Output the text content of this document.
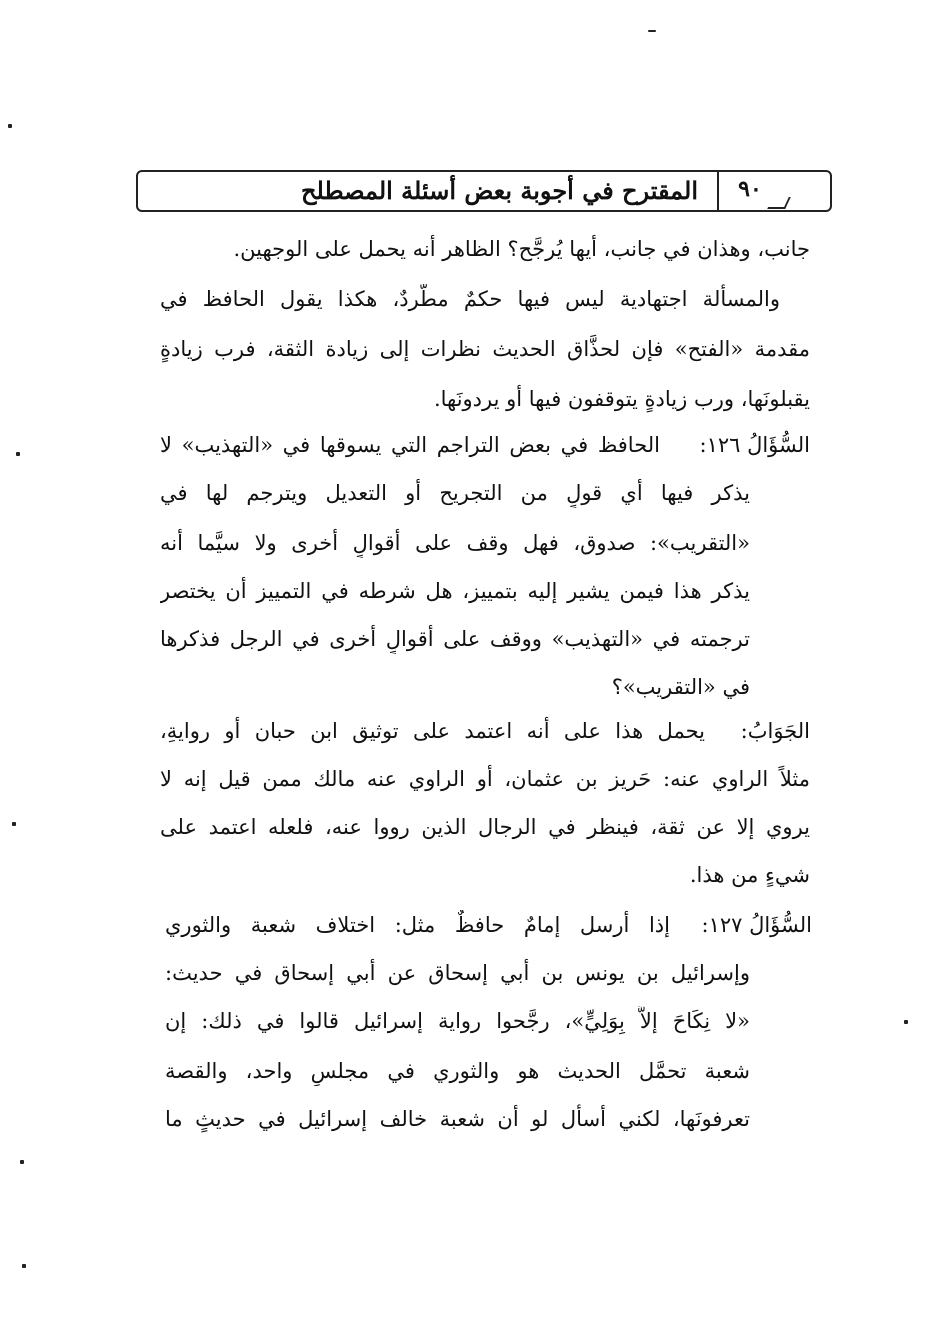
٩٠
المقترح في أجوبة بعض أسئلة المصطلح
جانب، وهذان في جانب، أيها يُرجَّح؟ الظاهر أنه يحمل على الوجهين.
والمسألة اجتهادية ليس فيها حكمٌ مطَّردٌ، هكذا يقول الحافظ في
مقدمة «الفتح» فإن لحذَّاق الحديث نظرات إلى زيادة الثقة، فرب زيادةٍ
يقبلونَها، ورب زيادةٍ يتوقفون فيها أو يردونَها.
السُّؤَالُ ١٢٦:
الحافظ في بعض التراجم التي يسوقها في «التهذيب» لا
يذكر فيها أي قولٍ من التجريح أو التعديل ويترجم لها في
«التقريب»: صدوق، فهل وقف على أقوالٍ أخرى ولا سيَّما أنه
يذكر هذا فيمن يشير إليه بتمييز، هل شرطه في التمييز أن يختصر
ترجمته في «التهذيب» ووقف على أقوالٍ أخرى في الرجل فذكرها
في «التقريب»؟
الجَوَابُ:
يحمل هذا على أنه اعتمد على توثيق ابن حبان أو روايةِ،
مثلاً الراوي عنه: حَريز بن عثمان، أو الراوي عنه مالك ممن قيل إنه لا
يروي إلا عن ثقة، فينظر في الرجال الذين رووا عنه، فلعله اعتمد على
شيءٍ من هذا.
السُّؤَالُ ١٢٧:
إذا أرسل إمامٌ حافظٌ مثل: اختلاف شعبة والثوري
وإسرائيل بن يونس بن أبي إسحاق عن أبي إسحاق في حديث:
«لا نِكَاحَ إلاَّ بِوَلِيٍّ»، رجَّحوا رواية إسرائيل قالوا في ذلك: إن
شعبة تحمَّل الحديث هو والثوري في مجلسٍ واحد، والقصة
تعرفونَها، لكني أسأل لو أن شعبة خالف إسرائيل في حديثٍ ما
